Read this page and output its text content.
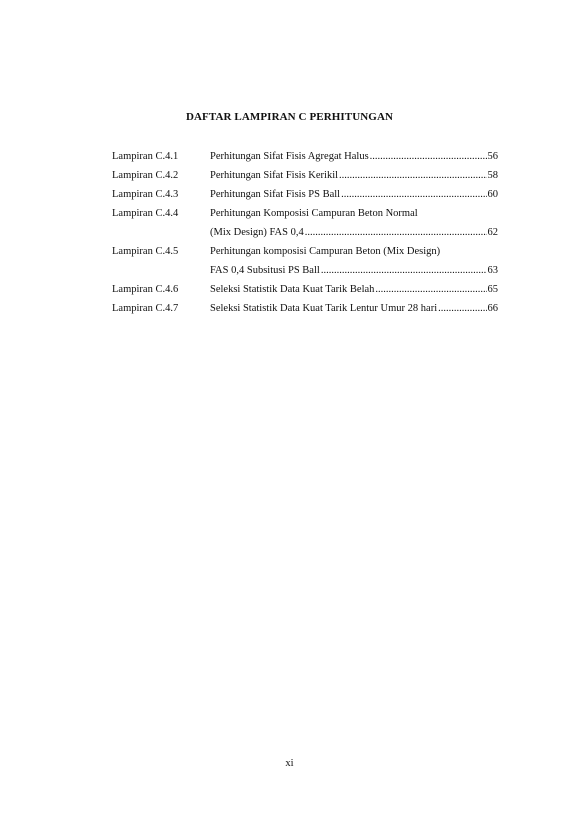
DAFTAR LAMPIRAN C PERHITUNGAN
Lampiran C.4.1	Perhitungan Sifat Fisis Agregat Halus .....	56
Lampiran C.4.2	Perhitungan Sifat Fisis Kerikil .....	58
Lampiran C.4.3	Perhitungan Sifat Fisis PS Ball .....	60
Lampiran C.4.4	Perhitungan Komposisi Campuran Beton Normal
(Mix Design) FAS 0,4 .....	62
Lampiran C.4.5	Perhitungan komposisi Campuran Beton (Mix Design)
FAS 0,4 Subsitusi PS Ball .....	63
Lampiran C.4.6	Seleksi Statistik Data Kuat Tarik Belah .....	65
Lampiran C.4.7	Seleksi Statistik Data Kuat Tarik Lentur Umur 28 hari .....	66
xi
